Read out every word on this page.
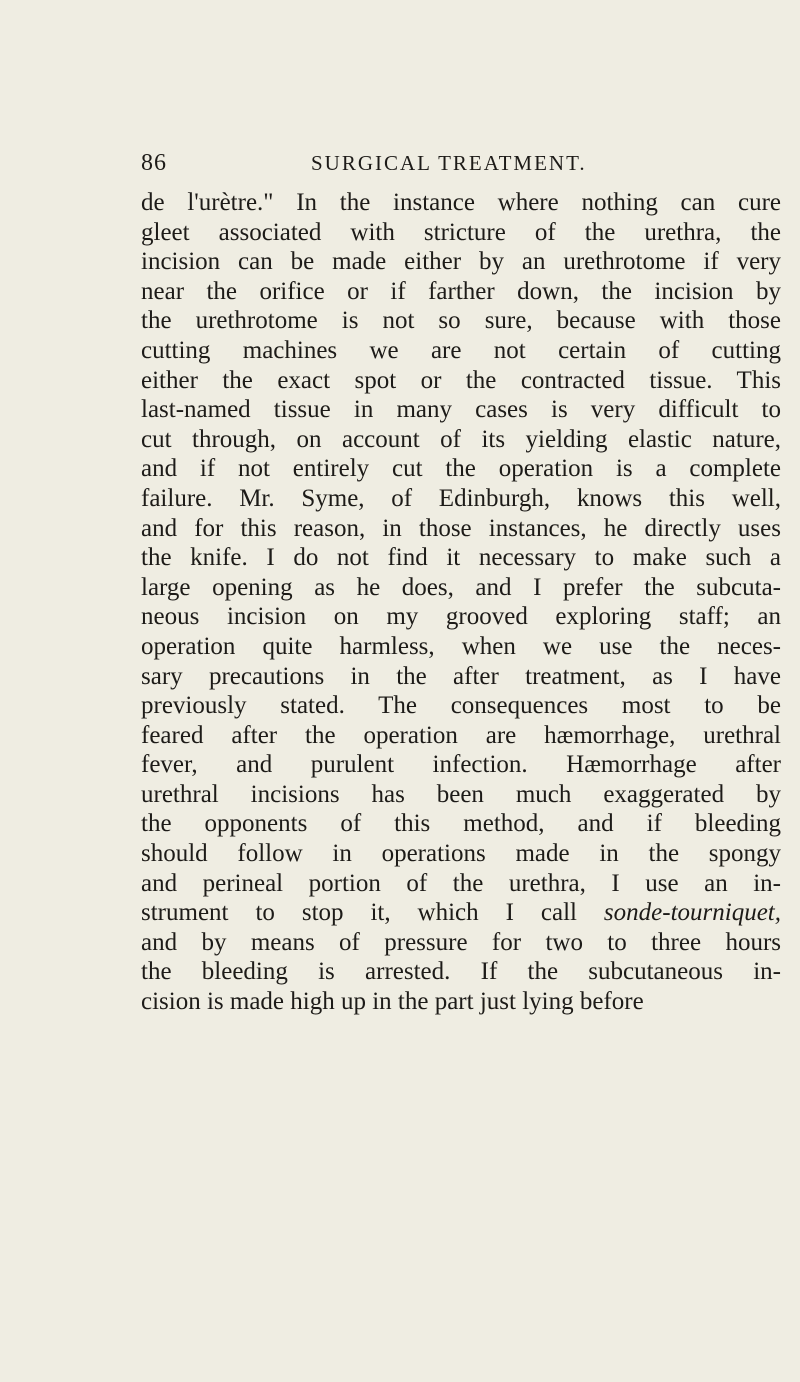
86	SURGICAL TREATMENT.
de l'urètre." In the instance where nothing can cure
gleet associated with stricture of the urethra, the
incision can be made either by an urethrotome if very
near the orifice or if farther down, the incision by
the urethrotome is not so sure, because with those
cutting machines we are not certain of cutting
either the exact spot or the contracted tissue. This
last-named tissue in many cases is very difficult to
cut through, on account of its yielding elastic nature,
and if not entirely cut the operation is a complete
failure. Mr. Syme, of Edinburgh, knows this well,
and for this reason, in those instances, he directly uses
the knife. I do not find it necessary to make such a
large opening as he does, and I prefer the subcuta-
neous incision on my grooved exploring staff; an
operation quite harmless, when we use the neces-
sary precautions in the after treatment, as I have
previously stated. The consequences most to be
feared after the operation are hæmorrhage, urethral
fever, and purulent infection. Hæmorrhage after
urethral incisions has been much exaggerated by
the opponents of this method, and if bleeding
should follow in operations made in the spongy
and perineal portion of the urethra, I use an in-
strument to stop it, which I call sonde-tourniquet,
and by means of pressure for two to three hours
the bleeding is arrested. If the subcutaneous in-
cision is made high up in the part just lying before
